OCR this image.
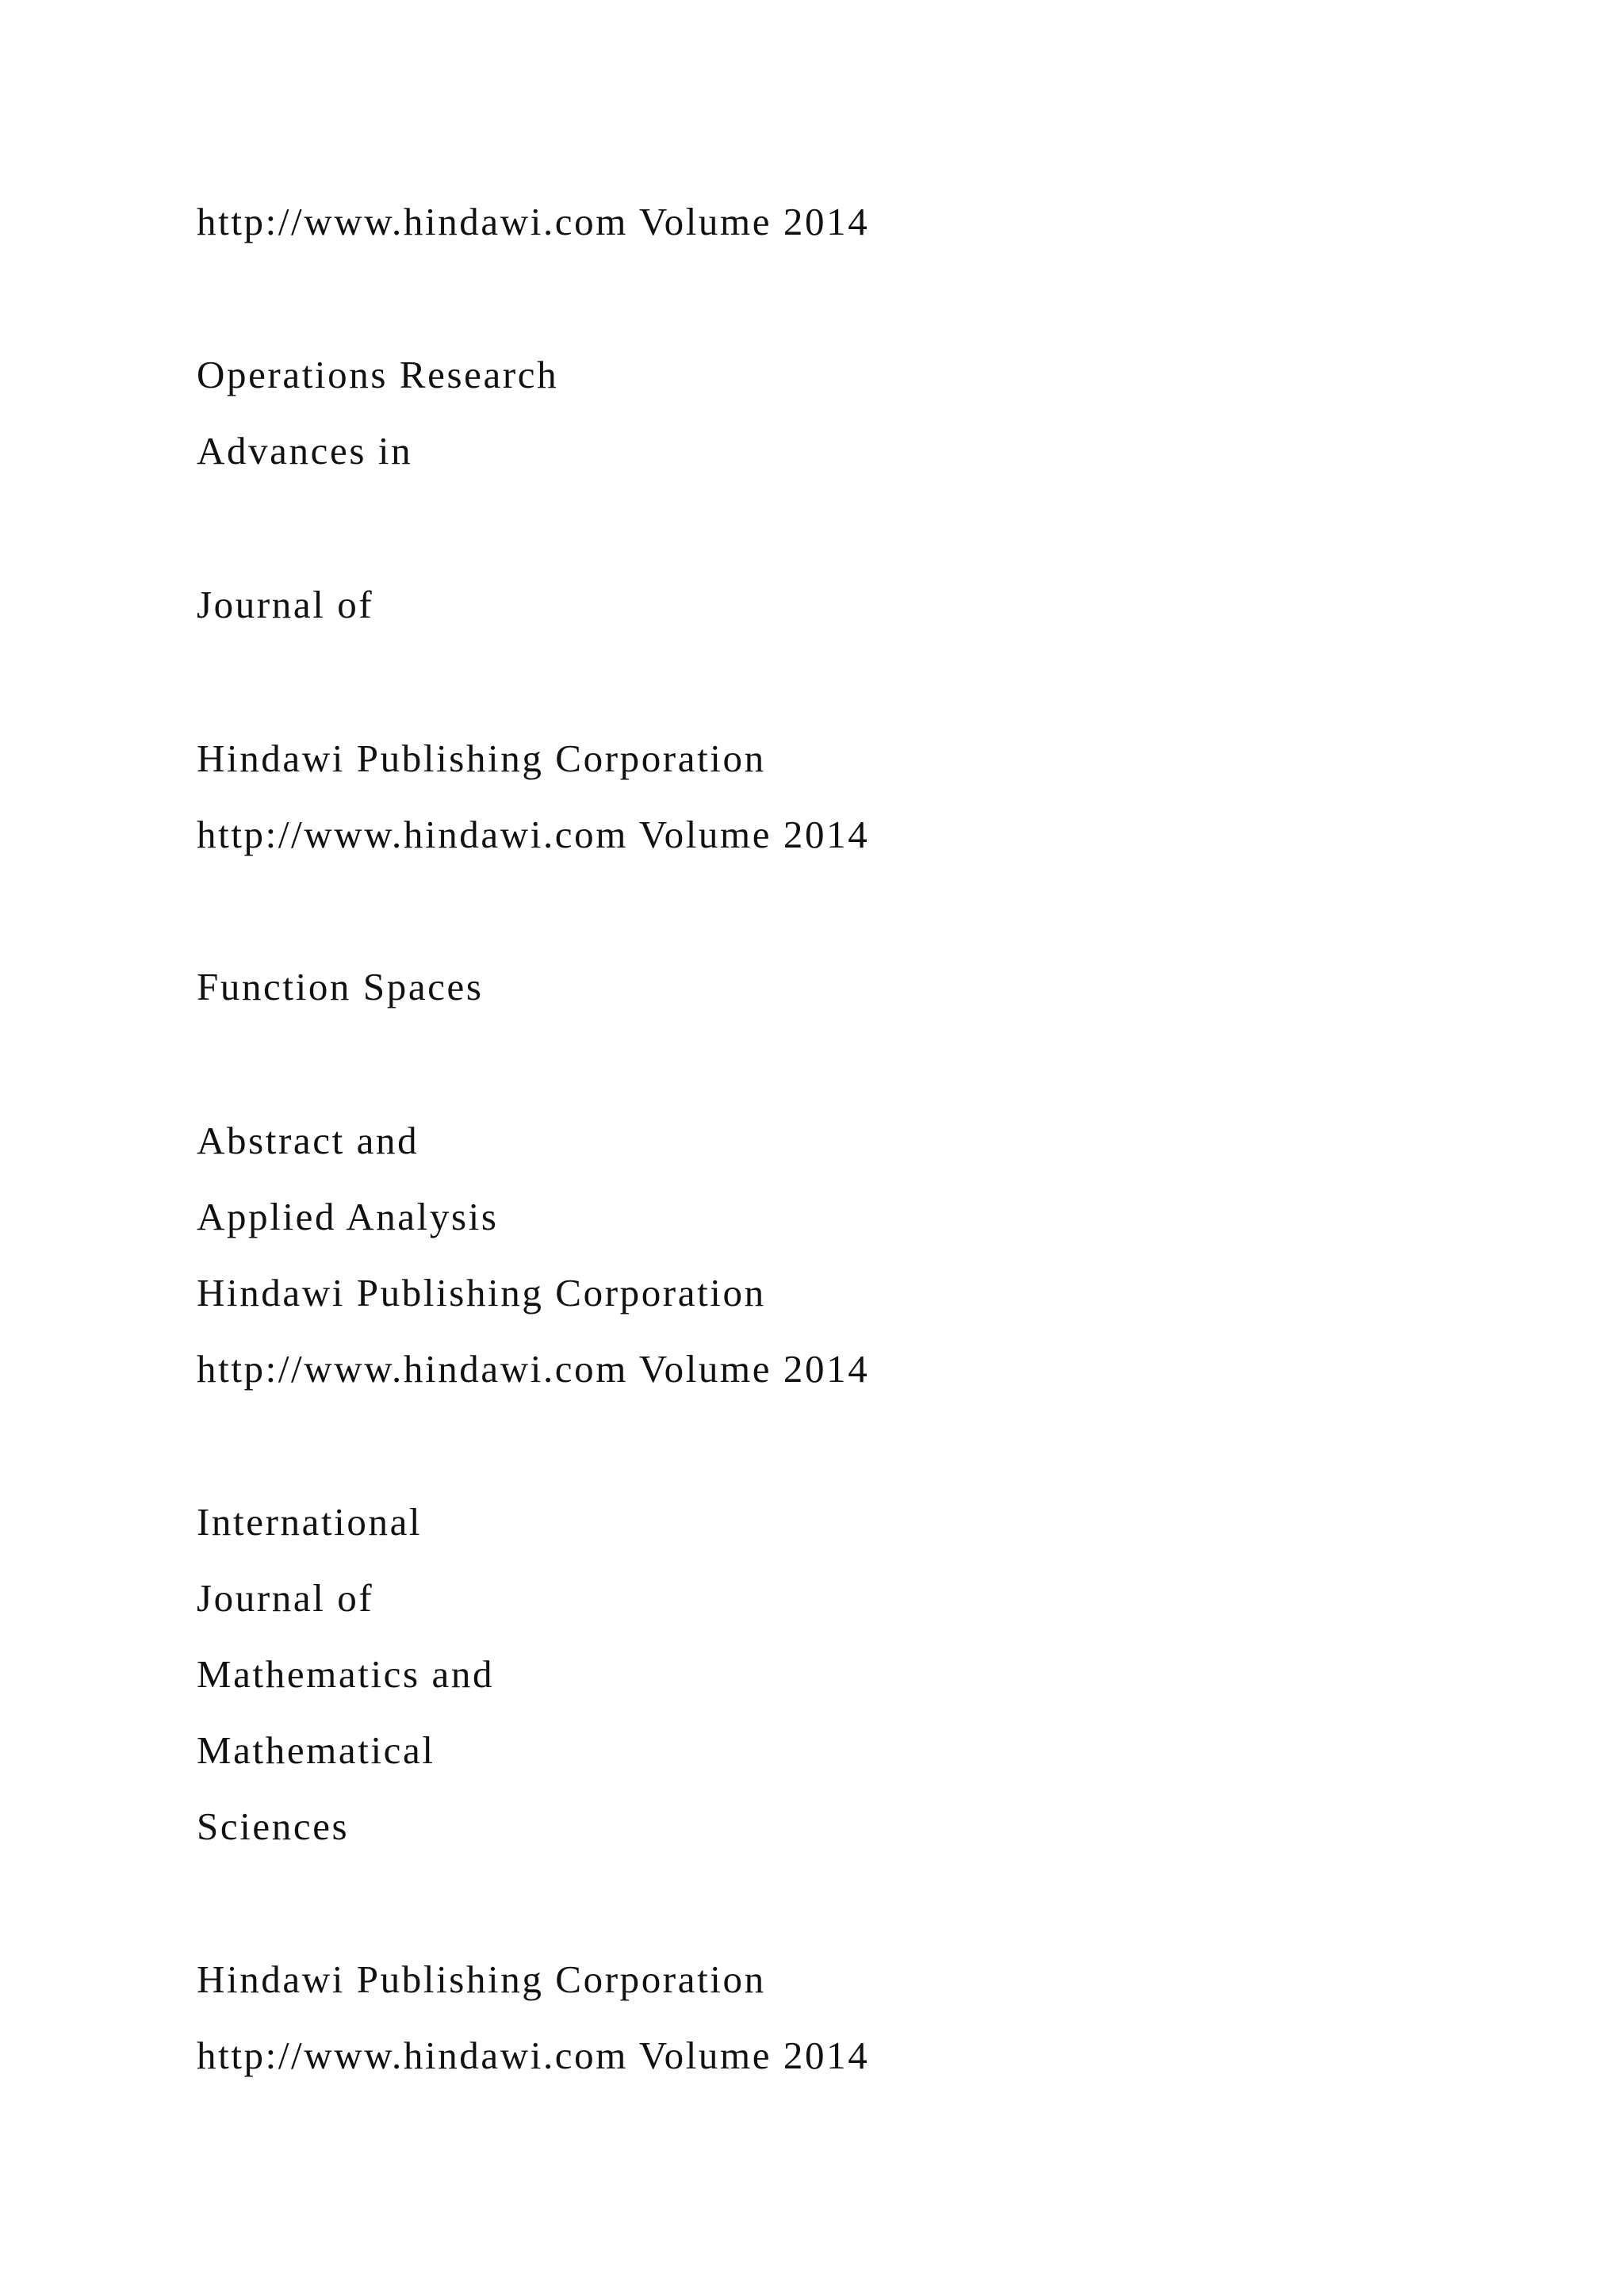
http://www.hindawi.com Volume 2014

Operations Research

Advances in

Journal of

Hindawi Publishing Corporation

http://www.hindawi.com Volume 2014

Function Spaces

Abstract and

Applied Analysis

Hindawi Publishing Corporation

http://www.hindawi.com Volume 2014

International

Journal of

Mathematics and

Mathematical

Sciences

Hindawi Publishing Corporation

http://www.hindawi.com Volume 2014
